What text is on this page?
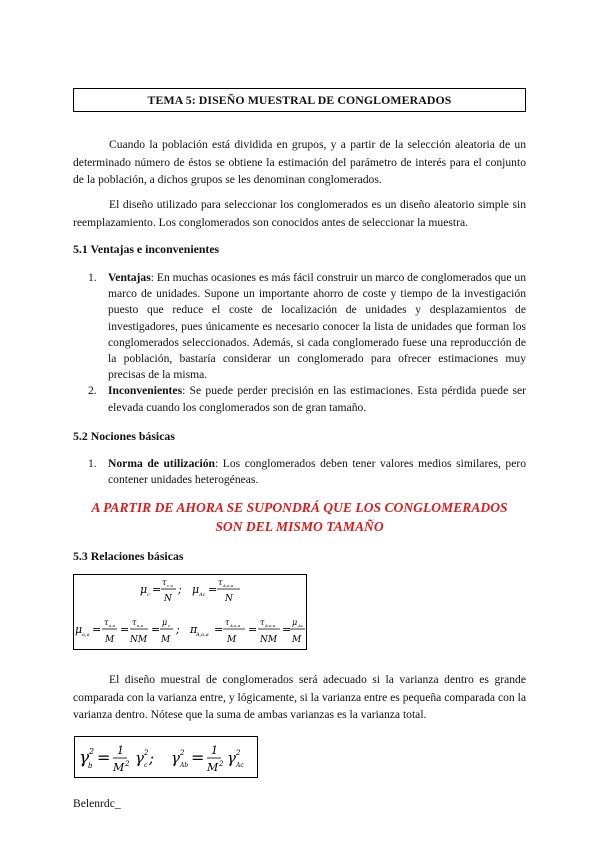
TEMA 5: DISEÑO MUESTRAL DE CONGLOMERADOS

Cuando la población está dividida en grupos, y a partir de la selección aleatoria de un determinado número de éstos se obtiene la estimación del parámetro de interés para el conjunto de la población, a dichos grupos se les denominan conglomerados.

El diseño utilizado para seleccionar los conglomerados es un diseño aleatorio simple sin reemplazamiento. Los conglomerados son conocidos antes de seleccionar la muestra.

5.1 Ventajas e inconvenientes

1. Ventajas: En muchas ocasiones es más fácil construir un marco de conglomerados que un marco de unidades. Supone un importante ahorro de coste y tiempo de la investigación puesto que reduce el coste de localización de unidades y desplazamientos de investigadores, pues únicamente es necesario conocer la lista de unidades que forman los conglomerados seleccionados. Además, si cada conglomerado fuese una reproducción de la población, bastaría considerar un conglomerado para ofrecer estimaciones muy precisas de la misma.
2. Inconvenientes: Se puede perder precisión en las estimaciones. Esta pérdida puede ser elevada cuando los conglomerados son de gran tamaño.

5.2 Nociones básicas

1. Norma de utilización: Los conglomerados deben tener valores medios similares, pero contener unidades heterogéneas.
A PARTIR DE AHORA SE SUPONDRÁ QUE LOS CONGLOMERADOS
SON DEL MISMO TAMAÑO

5.3 Relaciones básicas

μ c =
τ c,a
N
; μ Ac =
τ A,a,a
N
μ a,a =
τ a,a
M
=
τ a,a
NM
=
μ c
M
; π
A,a,a =
τ A,a,a
M
=
τ A,a,a
NM
=
μ Ac
M

El diseño muestral de conglomerados será adecuado si la varianza dentro es grande comparada con la varianza entre, y lógicamente, si la varianza entre es pequeña comparada con la varianza dentro. Nótese que la suma de ambas varianzas es la varianza total.

γ 2
b = 1
M 2 γ 2
c ; γ 2
Ab = 1
M 2 γ 2
Ac
Belenrdc_
